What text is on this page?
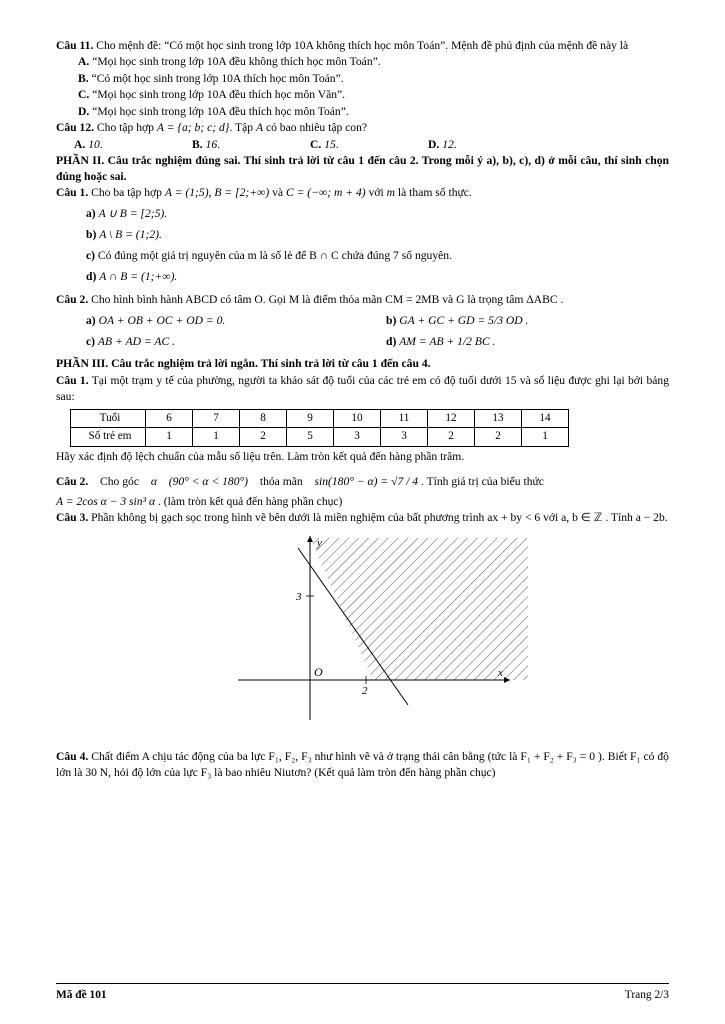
Câu 11. Cho mệnh đề: “Có một học sinh trong lớp 10A không thích học môn Toán”. Mệnh đề phủ định của mệnh đề này là
A. “Mọi học sinh trong lớp 10A đều không thích học môn Toán”.
B. “Có một học sinh trong lớp 10A thích học môn Toán”.
C. “Mọi học sinh trong lớp 10A đều thích học môn Văn”.
D. “Mọi học sinh trong lớp 10A đều thích học môn Toán”.
Câu 12. Cho tập hợp A = {a; b; c; d}. Tập A có bao nhiêu tập con?
A. 10.	B. 16.	C. 15.	D. 12.
PHẦN II. Câu trắc nghiệm đúng sai. Thí sinh trả lời từ câu 1 đến câu 2. Trong mỗi ý a), b), c), d) ở mỗi câu, thí sinh chọn đúng hoặc sai.
Câu 1. Cho ba tập hợp A = (1;5), B = [2;+∞) và C = (−∞; m + 4) với m là tham số thực.
a) A ∪ B = [2;5).
b) A \ B = (1;2).
c) Có đúng một giá trị nguyên của m là số lẻ để B ∩ C chứa đúng 7 số nguyên.
d) A ∩ B = (1;+∞).
Câu 2. Cho hình bình hành ABCD có tâm O. Gọi M là điểm thỏa mãn CM = 2MB và G là trọng tâm ΔABC .
a) OA + OB + OC + OD = 0.	b) GA + GC + GD = 5/3 OD .
c) AB + AD = AC .	d) AM = AB + 1/2 BC .
PHẦN III. Câu trắc nghiệm trả lời ngắn. Thí sinh trả lời từ câu 1 đến câu 4.
Câu 1. Tại một trạm y tế của phường, người ta khảo sát độ tuổi của các trẻ em có độ tuổi dưới 15 và số liệu được ghi lại bởi bảng sau:
Tuổi	6	7	8	9	10	11	12	13	14
Số trẻ em	1	1	2	5	3	3	2	2	1
Hãy xác định độ lệch chuẩn của mẫu số liệu trên. Làm tròn kết quả đến hàng phần trăm.
Câu 2. Cho góc α (90° < α < 180°) thỏa mãn sin(180° − α) = √7 / 4 . Tính giá trị của biểu thức
A = 2cos α − 3 sin³ α . (làm tròn kết quả đến hàng phần chục)
Câu 3. Phần không bị gạch sọc trong hình vẽ bên dưới là miền nghiệm của bất phương trình ax + by < 6 với a, b ∈ ℤ . Tính a − 2b.
3
2
O
y
x
Câu 4. Chất điểm A chịu tác động của ba lực F₁, F₂, F₃ như hình vẽ và ở trạng thái cân bằng (tức là F₁ + F₂ + F₃ = 0 ). Biết F₁ có độ lớn là 30 N, hỏi độ lớn của lực F₃ là bao nhiêu Niutơn? (Kết quả làm tròn đến hàng phần chục)
Mã đề 101	Trang 2/3
